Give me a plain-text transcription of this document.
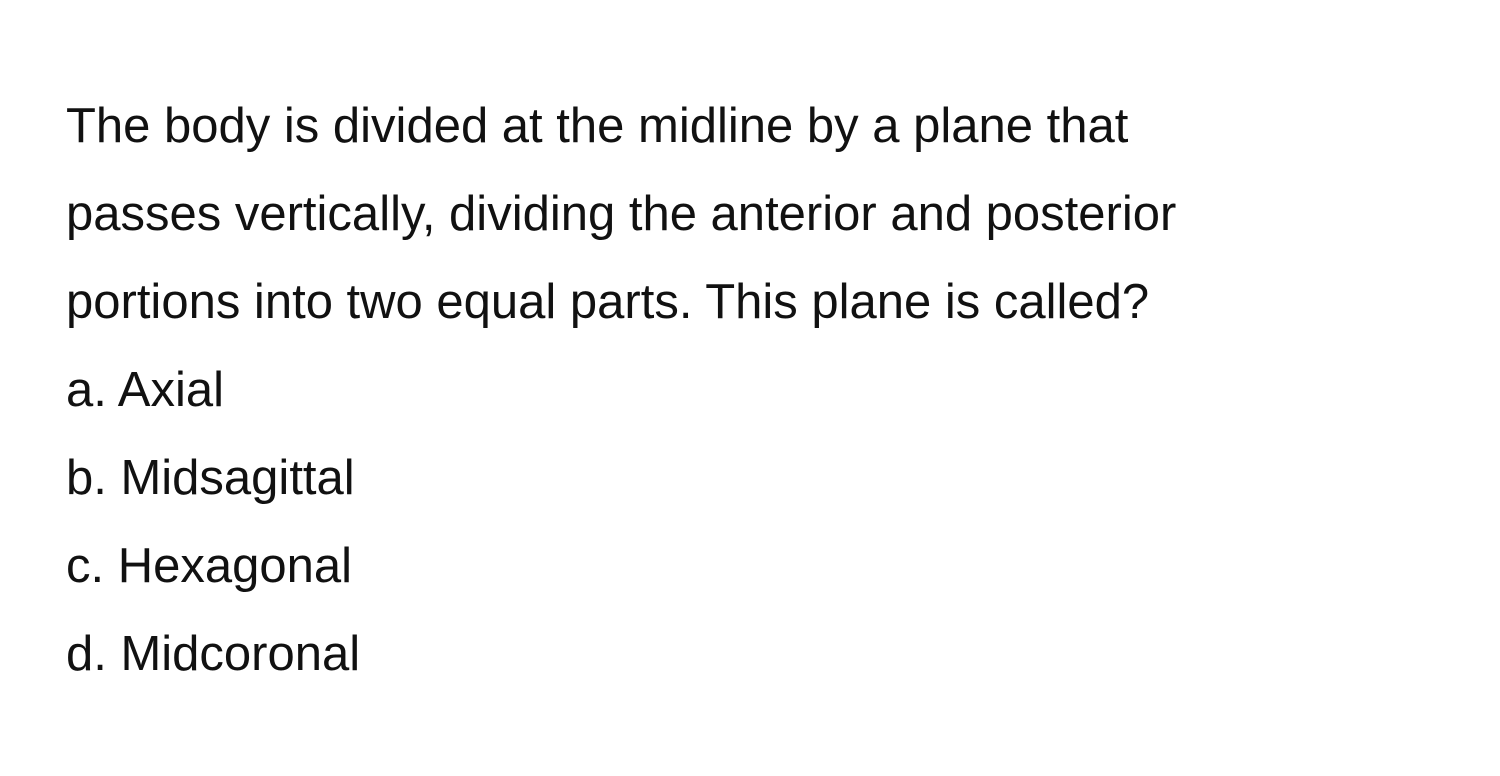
The body is divided at the midline by a plane that
passes vertically, dividing the anterior and posterior
portions into two equal parts. This plane is called?
a. Axial
b. Midsagittal
c. Hexagonal
d. Midcoronal
